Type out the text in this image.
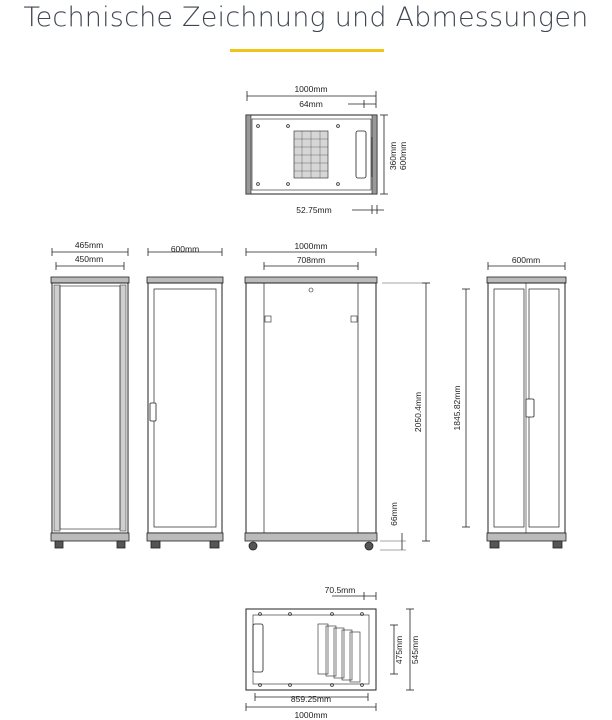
Technische Zeichnung und Abmessungen
1000mm
64mm
360mm 600mm
52.75mm
465mm
450mm
600mm	1000mm
708mm
2050.4mm
66mm
600mm
1845.82mm
70.5mm
475mm 545mm
859.25mm
1000mm
